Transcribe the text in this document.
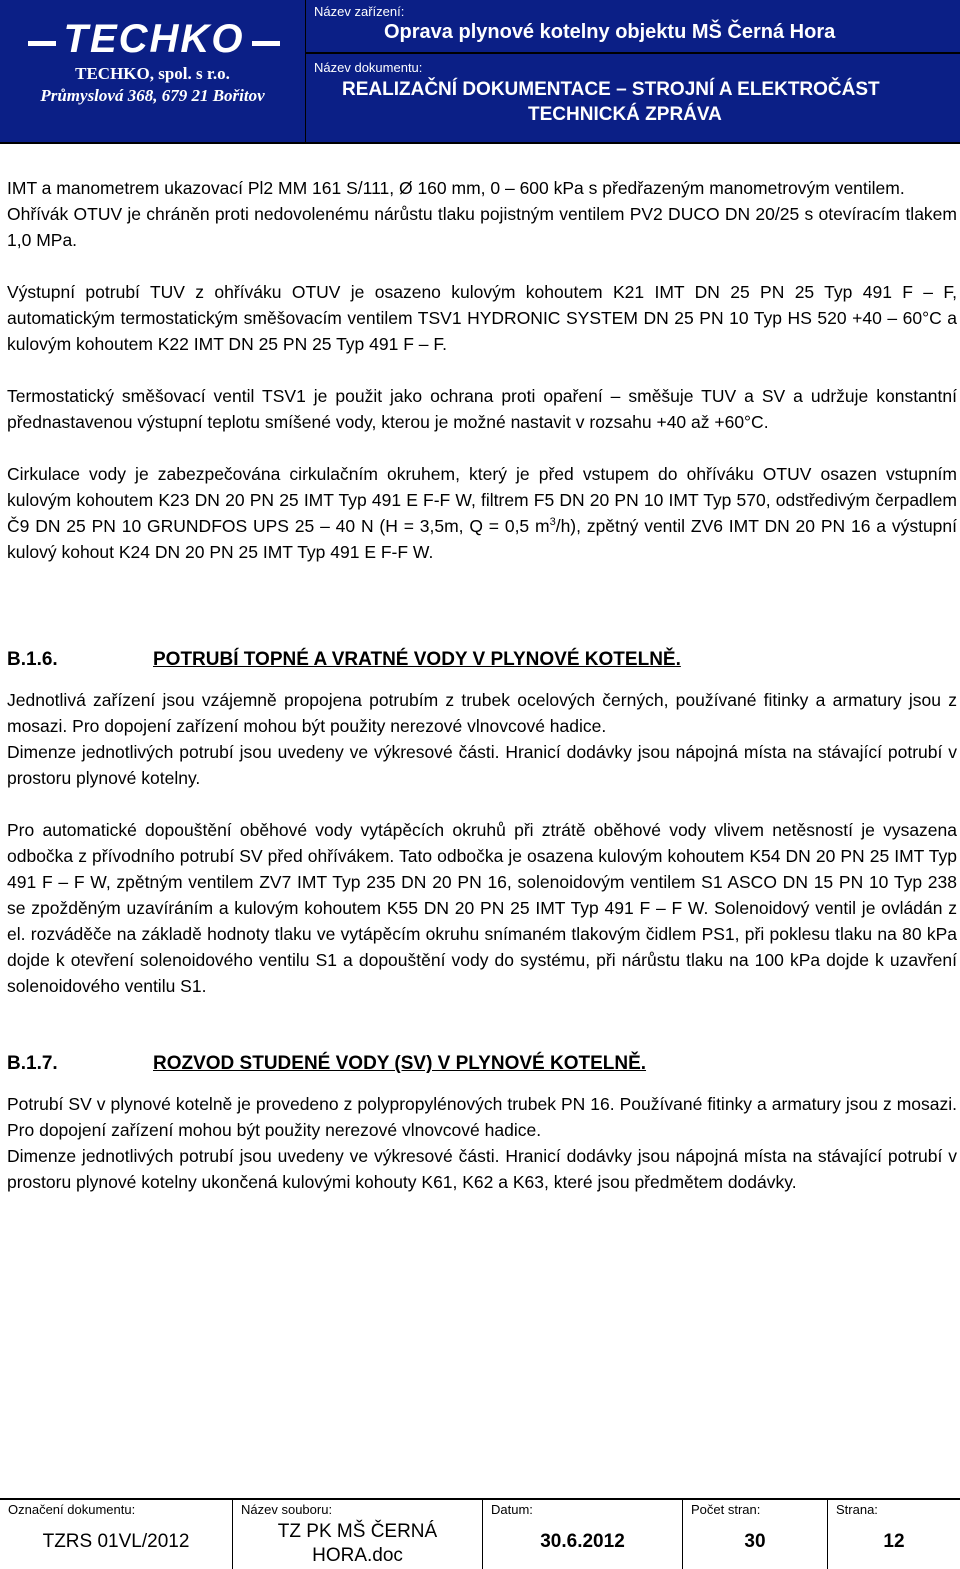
TECHKO
TECHKO, spol. s r.o.
Průmyslová 368, 679 21 Bořitov
Název zařízení:
Oprava plynové kotelny objektu MŠ Černá Hora
Název dokumentu:
REALIZAČNÍ DOKUMENTACE – STROJNÍ A ELEKTROČÁST
TECHNICKÁ ZPRÁVA

IMT a manometrem ukazovací Pl2 MM 161 S/111, Ø 160 mm, 0 – 600 kPa s předřazeným manometrovým ventilem.

Ohřívák OTUV je chráněn proti nedovolenému nárůstu tlaku pojistným ventilem PV2 DUCO DN 20/25 s otevíracím tlakem 1,0 MPa.

Výstupní potrubí TUV z ohříváku OTUV je osazeno kulovým kohoutem K21 IMT DN 25 PN 25 Typ 491 F – F, automatickým termostatickým směšovacím ventilem TSV1 HYDRONIC SYSTEM DN 25 PN 10 Typ HS 520 +40 – 60°C a kulovým kohoutem K22 IMT DN 25 PN 25 Typ 491 F – F.

Termostatický směšovací ventil TSV1 je použit jako ochrana proti opaření – směšuje TUV a SV a udržuje konstantní přednastavenou výstupní teplotu smíšené vody, kterou je možné nastavit v rozsahu +40 až +60°C.

Cirkulace vody je zabezpečována cirkulačním okruhem, který je před vstupem do ohříváku OTUV osazen vstupním kulovým kohoutem K23 DN 20 PN 25 IMT Typ 491 E F-F W, filtrem F5 DN 20 PN 10 IMT Typ 570, odstředivým čerpadlem Č9 DN 25 PN 10 GRUNDFOS UPS 25 – 40 N (H = 3,5m, Q = 0,5 $m^3/h$), zpětný ventil ZV6 IMT DN 20 PN 16 a výstupní kulový kohout K24 DN 20 PN 25 IMT Typ 491 E F-F W.

B.1.6.	POTRUBÍ TOPNÉ A VRATNÉ VODY V PLYNOVÉ KOTELNĚ.

Jednotlivá zařízení jsou vzájemně propojena potrubím z trubek ocelových černých, používané fitinky a armatury jsou z mosazi. Pro dopojení zařízení mohou být použity nerezové vlnovcové hadice.

Dimenze jednotlivých potrubí jsou uvedeny ve výkresové části. Hranicí dodávky jsou nápojná místa na stávající potrubí v prostoru plynové kotelny.

Pro automatické dopouštění oběhové vody vytápěcích okruhů při ztrátě oběhové vody vlivem netěsností je vysazena odbočka z přívodního potrubí SV před ohřívákem. Tato odbočka je osazena kulovým kohoutem K54 DN 20 PN 25 IMT Typ 491 F – F W, zpětným ventilem ZV7 IMT Typ 235 DN 20 PN 16, solenoidovým ventilem S1 ASCO DN 15 PN 10 Typ 238 se zpožděným uzavíráním a kulovým kohoutem K55 DN 20 PN 25 IMT Typ 491 F – F W. Solenoidový ventil je ovládán z el. rozváděče na základě hodnoty tlaku ve vytápěcím okruhu snímaném tlakovým čidlem PS1, při poklesu tlaku na 80 kPa dojde k otevření solenoidového ventilu S1 a dopouštění vody do systému, při nárůstu tlaku na 100 kPa dojde k uzavření solenoidového ventilu S1.

B.1.7.	ROZVOD STUDENÉ VODY (SV) V PLYNOVÉ KOTELNĚ.

Potrubí SV v plynové kotelně je provedeno z polypropylénových trubek PN 16. Používané fitinky a armatury jsou z mosazi. Pro dopojení zařízení mohou být použity nerezové vlnovcové hadice.

Dimenze jednotlivých potrubí jsou uvedeny ve výkresové části. Hranicí dodávky jsou nápojná místa na stávající potrubí v prostoru plynové kotelny ukončená kulovými kohouty K61, K62 a K63, které jsou předmětem dodávky.

Označení dokumentu:
TZRS 01VL/2012
Název souboru:
TZ PK MŠ ČERNÁ
HORA.doc
Datum:
30.6.2012
Počet stran:
30
Strana:
12
